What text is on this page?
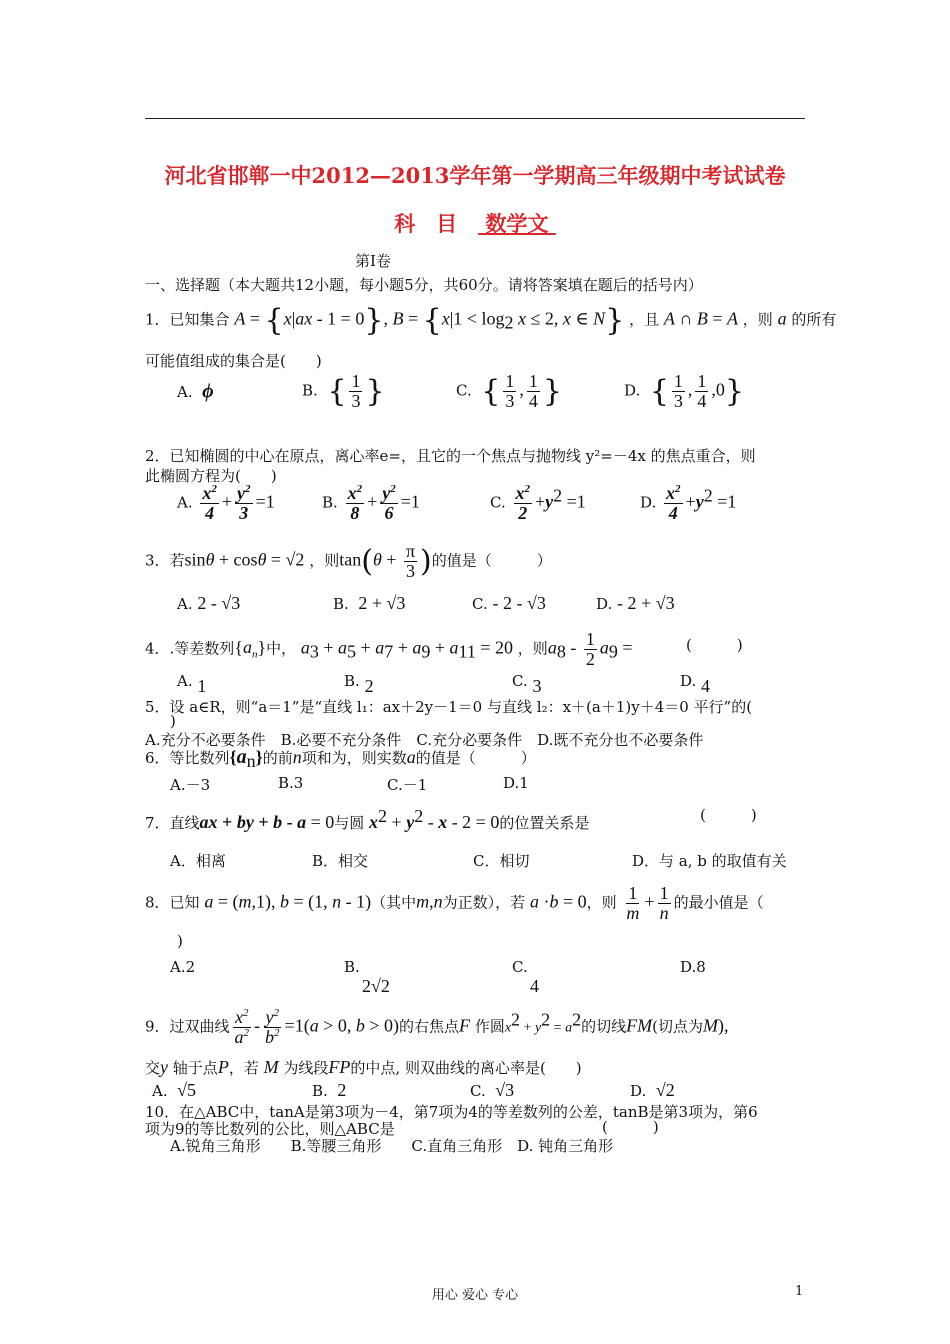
河北省邯郸一中2012—2013学年第一学期高三年级期中考试试卷
科　目　 数学文
第Ⅰ卷
一、选择题（本大题共12小题，每小题5分，共60分。请将答案填在题后的括号内）
1．已知集合 A = {x|ax - 1 = 0}, $B = \{x|1 < \log_2 x \le 2$, x ∈ N} ，且 A ∩ B = A ，则 a 的所有
可能值组成的集合是(　　)
A. ϕ	B. { $\frac{1}{3}$ }	C. { $\frac{1}{3}$ , $\frac{1}{4}$ }	D. { $\frac{1}{3}$ , $\frac{1}{4} ,0$}
2．已知椭圆的中心在原点，离心率e=，且它的一个焦点与抛物线 y²=－4x 的焦点重合，则
此椭圆方程为(　　)
A. $\frac{x^2}{4} + \frac{y^2}{3} =1$	B. $\frac{x^2}{8} + \frac{y^2}{6} =1$	C. $\frac{x^2}{2} +y^2 =1$	D. $\frac{x^2}{4} +y^2 =1$
3．若sinθ + cosθ = √2 ，则$\tan(\theta + \frac{\pi}{3}$ )的值是（　　　）
A. 2 - √3	B. 2 + √3	C. - 2 - √3	D. - 2 + √3
4．.等差数列$\{a_n\}$中， $a_3 + a_5 + a_7 + a_9 + a_{11} = 20$ ，则$a_8 - \frac{1}{2} a_9$ =	(　　　)
A. 1	B. 2	C. 3	D. 4
5．设 a∈R，则“a＝1”是“直线 l₁：ax＋2y－1＝0 与直线 l₂：x＋(a＋1)y＋4＝0 平行”的(
)
A.充分不必要条件　B.必要不充分条件　C.充分必要条件　D.既不充分也不必要条件
6．等比数列$\{a_n\}$的前n项和为，则实数a的值是（　　　）
A.－3	B.3	C.－1	D.1
7．直线ax + by + b - a = 0与圆 $x^2 + y^2 - x - 2 = 0$的位置关系是	(　　　)
A．相离	B．相交	C．相切	D．与 a, b 的取值有关
8．已知 a = (m,1), b = (1, n - 1)（其中m,n为正数），若 a ·b = 0，则 $\frac{1}{m} + \frac{1}{n}$ 的最小值是（
)
A.2	B.
2√2
C.
4
D.8
9．过双曲线 $\frac{x^2}{a^2} - \frac{y^2}{b^2} =1(a > 0$, b > 0)的右焦点F 作圆$x^2 + y^2 = a^2$的切线FM(切点为M),
交y 轴于点P，若 M 为线段FP的中点, 则双曲线的离心率是(　　)
A. √5	B. 2	C. √3	D. √2
10．在△ABC中，tanA是第3项为－4，第7项为4的等差数列的公差，tanB是第3项为，第6
项为9的等比数列的公比，则△ABC是	(　　　)
A.锐角三角形　　B.等腰三角形　　C.直角三角形　D. 钝角三角形
用心 爱心 专心	1
